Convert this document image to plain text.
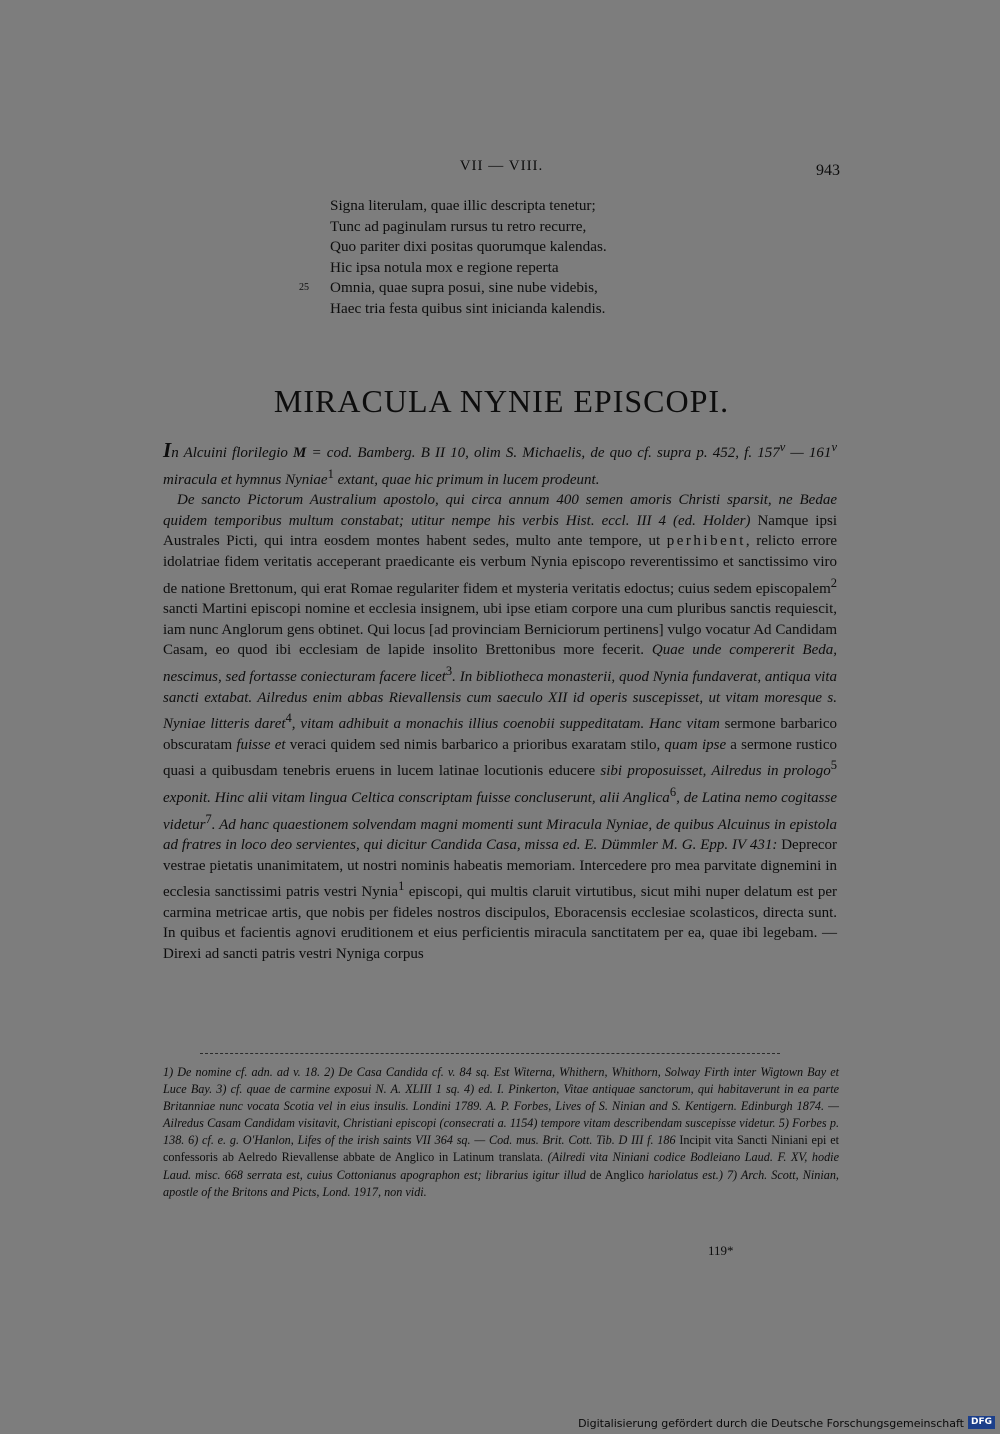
VII — VIII.	943
Signa literulam, quae illic descripta tenetur;
Tunc ad paginulam rursus tu retro recurre,
Quo pariter dixi positas quorumque kalendas.
Hic ipsa notula mox e regione reperta
25 Omnia, quae supra posui, sine nube videbis,
Haec tria festa quibus sint inicianda kalendis.
MIRACULA NYNIE EPISCOPI.

In Alcuini florilegio M = cod. Bamberg. B II 10, olim S. Michaelis, de quo cf. supra p. 452, f. 157$^v$ — 161$^v$ miracula et hymnus Nyniae$^1$ extant, quae hic primum in lucem prodeunt.

De sancto Pictorum Australium apostolo, qui circa annum 400 semen amoris Christi sparsit, ne Bedae quidem temporibus multum constabat; utitur nempe his verbis Hist. eccl. III 4 (ed. Holder) Namque ipsi Australes Picti, qui intra eosdem montes habent sedes, multo ante tempore, ut perhibent, relicto errore idolatriae fidem veritatis acceperant praedicante eis verbum Nynia episcopo reverentissimo et sanctissimo viro de natione Brettonum, qui erat Romae regulariter fidem et mysteria veritatis edoctus; cuius sedem episcopalem$^2$ sancti Martini episcopi nomine et ecclesia insignem, ubi ipse etiam corpore una cum pluribus sanctis requiescit, iam nunc Anglorum gens obtinet. Qui locus [ad provinciam Berniciorum pertinens] vulgo vocatur Ad Candidam Casam, eo quod ibi ecclesiam de lapide insolito Brettonibus more fecerit. Quae unde compererit Beda, nescimus, sed fortasse coniecturam facere licet$^3$. In bibliotheca monasterii, quod Nynia fundaverat, antiqua vita sancti extabat. Ailredus enim abbas Rievallensis cum saeculo XII id operis suscepisset, ut vitam moresque s. Nyniae litteris daret$^4$, vitam adhibuit a monachis illius coenobii suppeditatam. Hanc vitam sermone barbarico obscuratam fuisse et veraci quidem sed nimis barbarico a prioribus exaratam stilo, quam ipse a sermone rustico quasi a quibusdam tenebris eruens in lucem latinae locutionis educere sibi proposuisset, Ailredus in prologo$^5$ exponit. Hinc alii vitam lingua Celtica conscriptam fuisse concluserunt, alii Anglica$^6$, de Latina nemo cogitasse videtur$^7$. Ad hanc quaestionem solvendam magni momenti sunt Miracula Nyniae, de quibus Alcuinus in epistola ad fratres in loco deo servientes, qui dicitur Candida Casa, missa ed. E. Dümmler M. G. Epp. IV 431: Deprecor vestrae pietatis unanimitatem, ut nostri nominis habeatis memoriam. Intercedere pro mea parvitate dignemini in ecclesia sanctissimi patris vestri Nynia$^1$ episcopi, qui multis claruit virtutibus, sicut mihi nuper delatum est per carmina metricae artis, que nobis per fideles nostros discipulos, Eboracensis ecclesiae scolasticos, directa sunt. In quibus et facientis agnovi eruditionem et eius perficientis miracula sanctitatem per ea, quae ibi legebam. — Direxi ad sancti patris vestri Nyniga corpus

1) De nomine cf. adn. ad v. 18. 2) De Casa Candida cf. v. 84 sq. Est Witerna, Whithern, Whithorn, Solway Firth inter Wigtown Bay et Luce Bay. 3) cf. quae de carmine exposui N. A. XLIII 1 sq. 4) ed. I. Pinkerton, Vitae antiquae sanctorum, qui habitaverunt in ea parte Britanniae nunc vocata Scotia vel in eius insulis. Londini 1789. A. P. Forbes, Lives of S. Ninian and S. Kentigern. Edinburgh 1874. — Ailredus Casam Candidam visitavit, Christiani episcopi (consecrati a. 1154) tempore vitam describendam suscepisse videtur. 5) Forbes p. 138. 6) cf. e. g. O'Hanlon, Lifes of the irish saints VII 364 sq. — Cod. mus. Brit. Cott. Tib. D III f. 186 Incipit vita Sancti Niniani epi et confessoris ab Aelredo Rievallense abbate de Anglico in Latinum translata. (Ailredi vita Niniani codice Bodleiano Laud. F. XV, hodie Laud. misc. 668 serrata est, cuius Cottonianus apographon est; librarius igitur illud de Anglico hariolatus est.) 7) Arch. Scott, Ninian, apostle of the Britons and Picts, Lond. 1917, non vidi.

119*
Digitalisierung gefördert durch die Deutsche Forschungsgemeinschaft DFG
